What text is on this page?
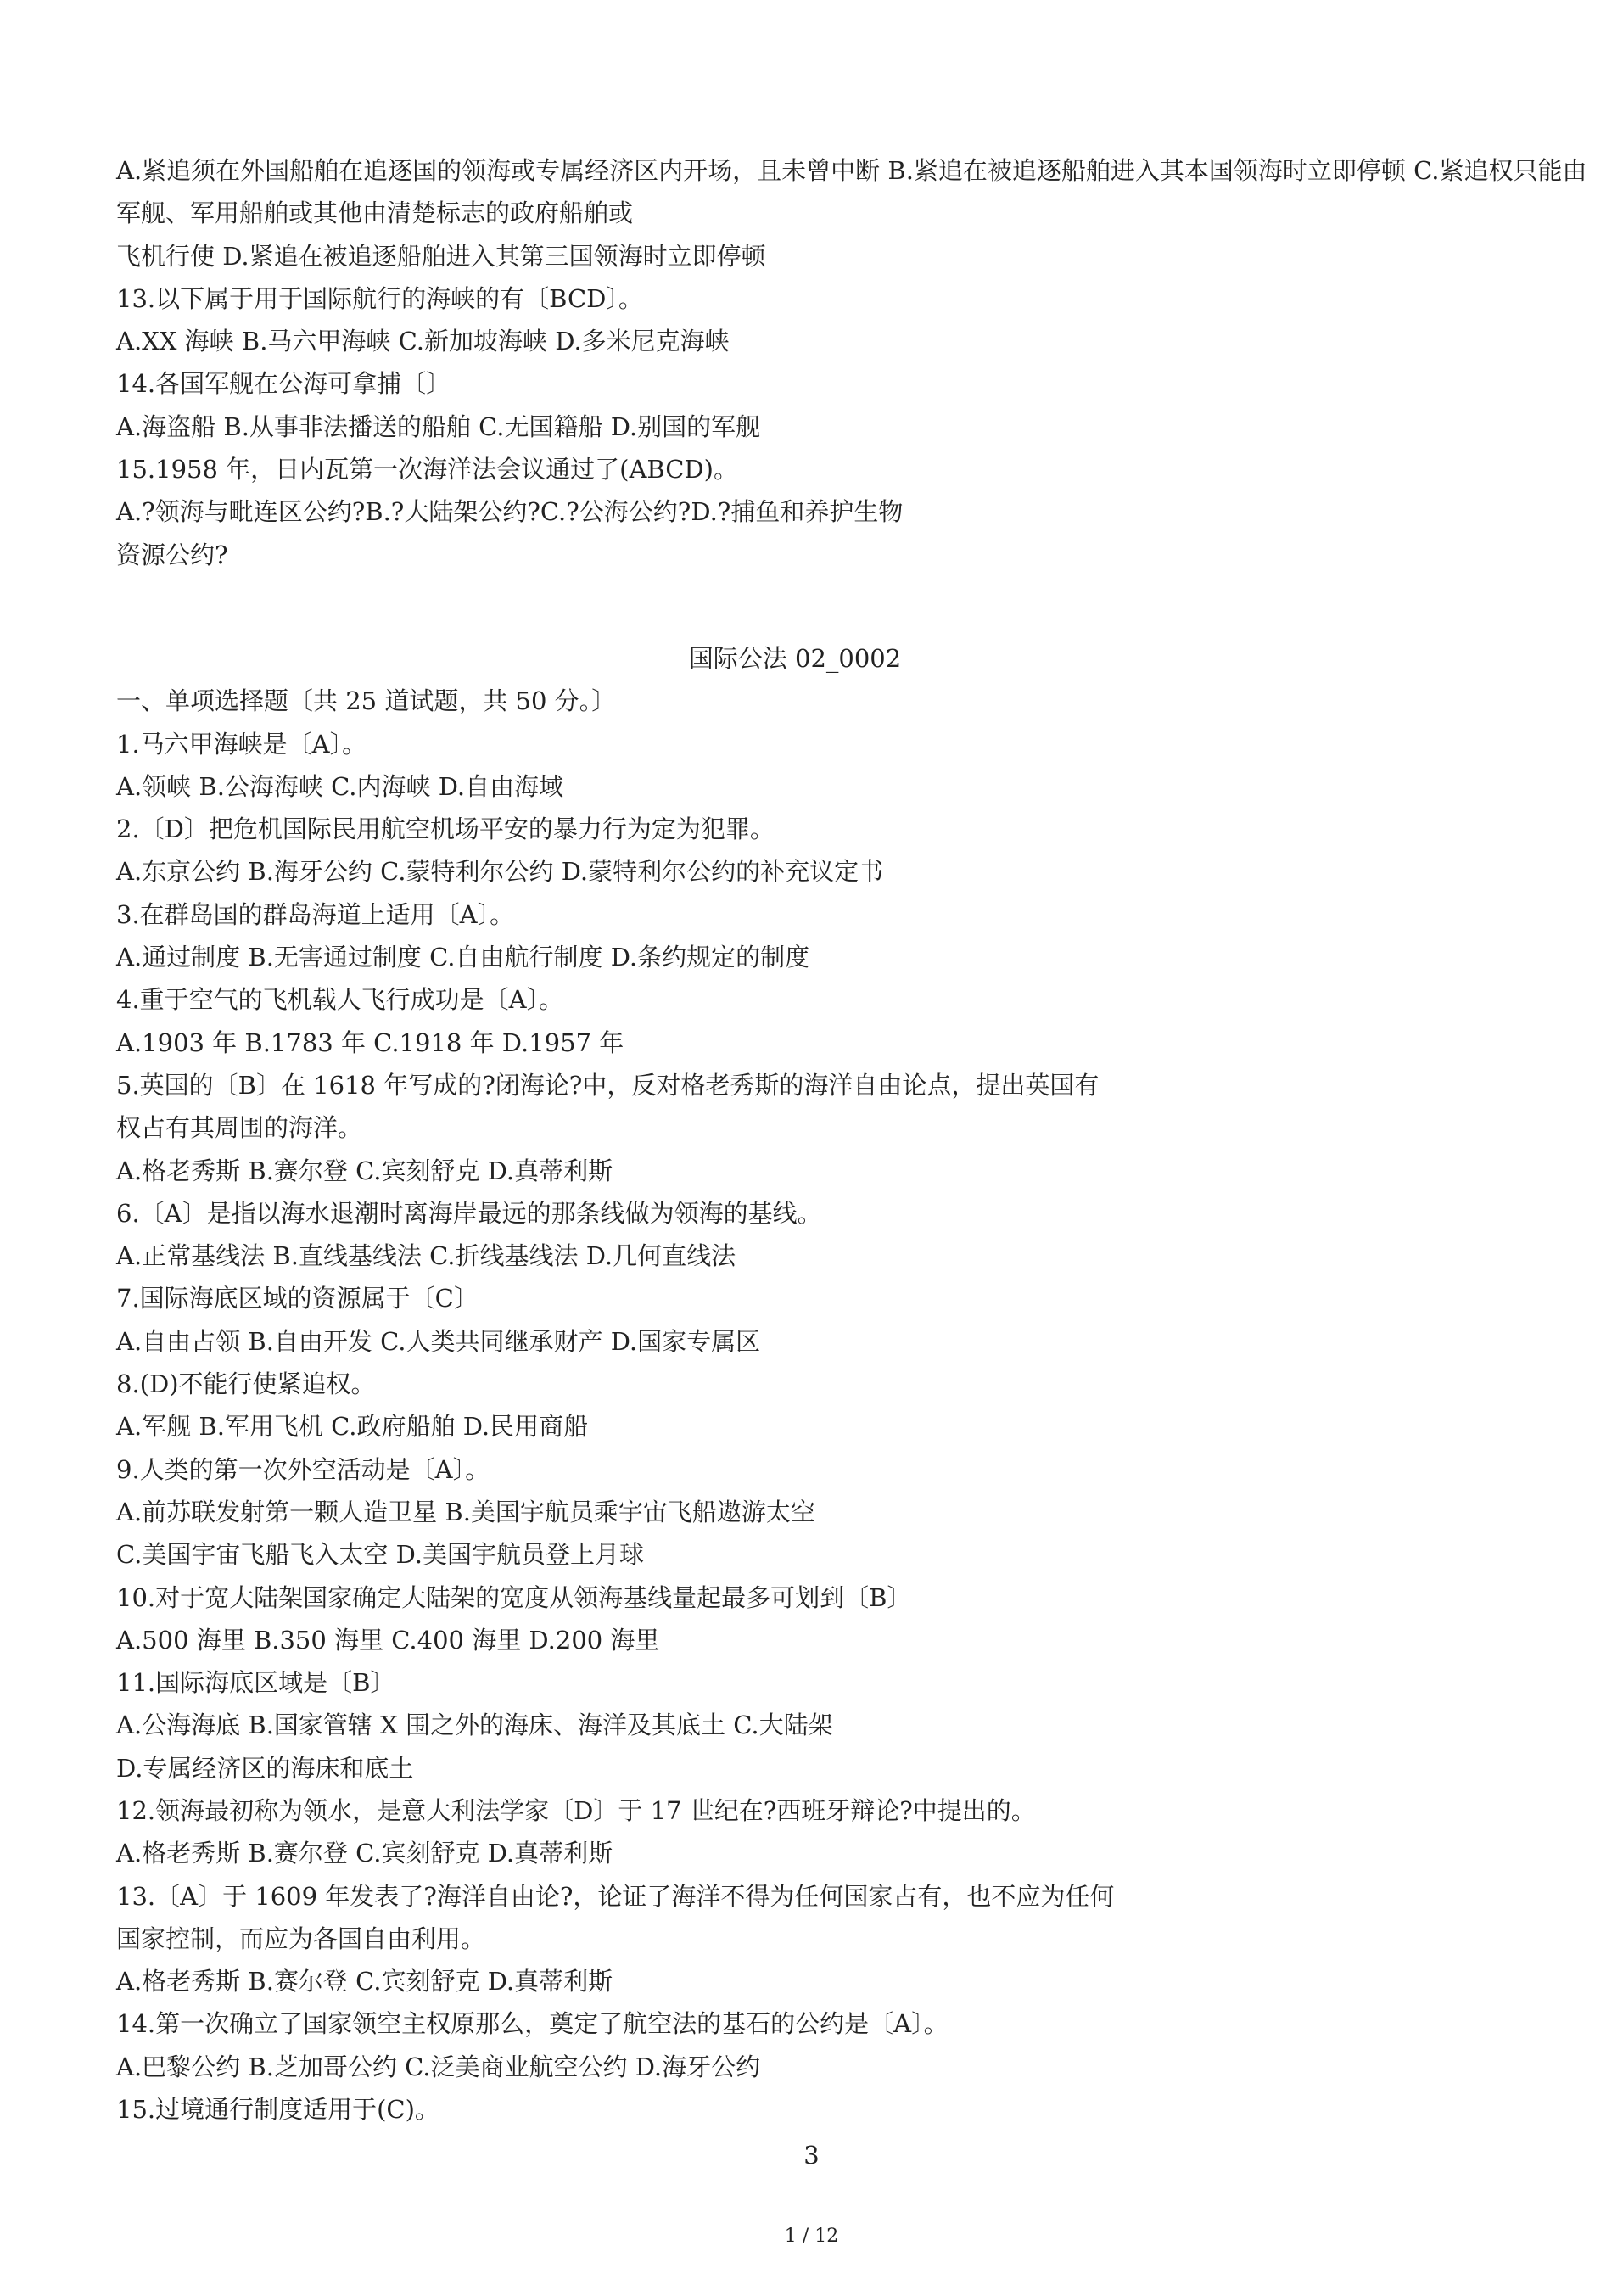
A.紧追须在外国船舶在追逐国的领海或专属经济区内开场，且未曾中断 B.紧追在被追逐船舶进入其本国领海时立即停顿 C.紧追权只能由军舰、军用船舶或其他由清楚标志的政府船舶或

飞机行使 D.紧追在被追逐船舶进入其第三国领海时立即停顿

13.以下属于用于国际航行的海峡的有〔BCD〕。

A.XX 海峡 B.马六甲海峡 C.新加坡海峡 D.多米尼克海峡

14.各国军舰在公海可拿捕〔〕

A.海盗船 B.从事非法播送的船舶 C.无国籍船 D.别国的军舰

15.1958 年，日内瓦第一次海洋法会议通过了(ABCD)。

A.?领海与毗连区公约?B.?大陆架公约?C.?公海公约?D.?捕鱼和养护生物

资源公约?

国际公法 02_0002

一、单项选择题〔共 25 道试题，共 50 分。〕

1.马六甲海峡是〔A〕。

A.领峡 B.公海海峡 C.内海峡 D.自由海域

2.〔D〕把危机国际民用航空机场平安的暴力行为定为犯罪。

A.东京公约 B.海牙公约 C.蒙特利尔公约 D.蒙特利尔公约的补充议定书

3.在群岛国的群岛海道上适用〔A〕。

A.通过制度 B.无害通过制度 C.自由航行制度 D.条约规定的制度

4.重于空气的飞机载人飞行成功是〔A〕。

A.1903 年 B.1783 年 C.1918 年 D.1957 年

5.英国的〔B〕在 1618 年写成的?闭海论?中，反对格老秀斯的海洋自由论点，提出英国有

权占有其周围的海洋。

A.格老秀斯 B.赛尔登 C.宾刻舒克 D.真蒂利斯

6.〔A〕是指以海水退潮时离海岸最远的那条线做为领海的基线。

A.正常基线法 B.直线基线法 C.折线基线法 D.几何直线法

7.国际海底区域的资源属于〔C〕

A.自由占领 B.自由开发 C.人类共同继承财产 D.国家专属区

8.(D)不能行使紧追权。

A.军舰 B.军用飞机 C.政府船舶 D.民用商船

9.人类的第一次外空活动是〔A〕。

A.前苏联发射第一颗人造卫星 B.美国宇航员乘宇宙飞船遨游太空

C.美国宇宙飞船飞入太空 D.美国宇航员登上月球

10.对于宽大陆架国家确定大陆架的宽度从领海基线量起最多可划到〔B〕

A.500 海里 B.350 海里 C.400 海里 D.200 海里

11.国际海底区域是〔B〕

A.公海海底 B.国家管辖 X 围之外的海床、海洋及其底土 C.大陆架

D.专属经济区的海床和底土

12.领海最初称为领水，是意大利法学家〔D〕于 17 世纪在?西班牙辩论?中提出的。

A.格老秀斯 B.赛尔登 C.宾刻舒克 D.真蒂利斯

13.〔A〕于 1609 年发表了?海洋自由论?，论证了海洋不得为任何国家占有，也不应为任何

国家控制，而应为各国自由利用。

A.格老秀斯 B.赛尔登 C.宾刻舒克 D.真蒂利斯

14.第一次确立了国家领空主权原那么，奠定了航空法的基石的公约是〔A〕。

A.巴黎公约 B.芝加哥公约 C.泛美商业航空公约 D.海牙公约

15.过境通行制度适用于(C)。

3
1 / 12
